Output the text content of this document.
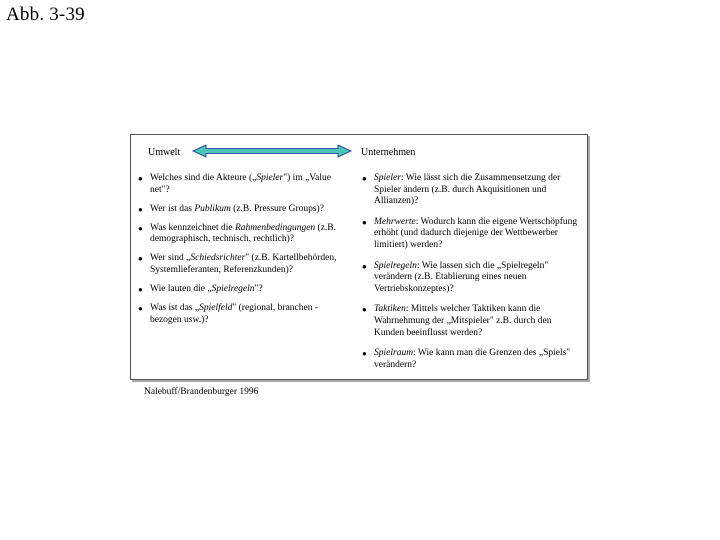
Abb. 3-39
Umwelt	Unternehmen
● Welches sind die Akteure („Spieler") im „Value net"?
● Wer ist das Publikum (z.B. Pressure Groups)?
● Was kennzeichnet die Rahmenbedingungen (z.B. demographisch, technisch, rechtlich)?
● Wer sind „Schiedsrichter" (z.B. Kartellbehörden, Systemlieferanten, Referenzkunden)?
● Wie lauten die „Spielregeln"?
● Was ist das „Spielfeld" (regional, branchen -bezogen usw.)?
● Spieler: Wie lässt sich die Zusammensetzung der Spieler ändern (z.B. durch Akquisitionen und Allianzen)?
● Mehrwerte: Wodurch kann die eigene Wertschöpfung erhöht (und dadurch diejenige der Wettbewerber limitiert) werden?
● Spielregeln: Wie lassen sich die „Spielregeln" verändern (z.B. Etablierung eines neuen Vertriebskonzeptes)?
● Taktiken: Mittels welcher Taktiken kann die Wahrnehmung der „Mitspieler" z.B. durch den Kunden beeinflusst werden?
● Spielraum: Wie kann man die Grenzen des „Spiels" verändern?
Nalebuff/Brandenburger 1996
